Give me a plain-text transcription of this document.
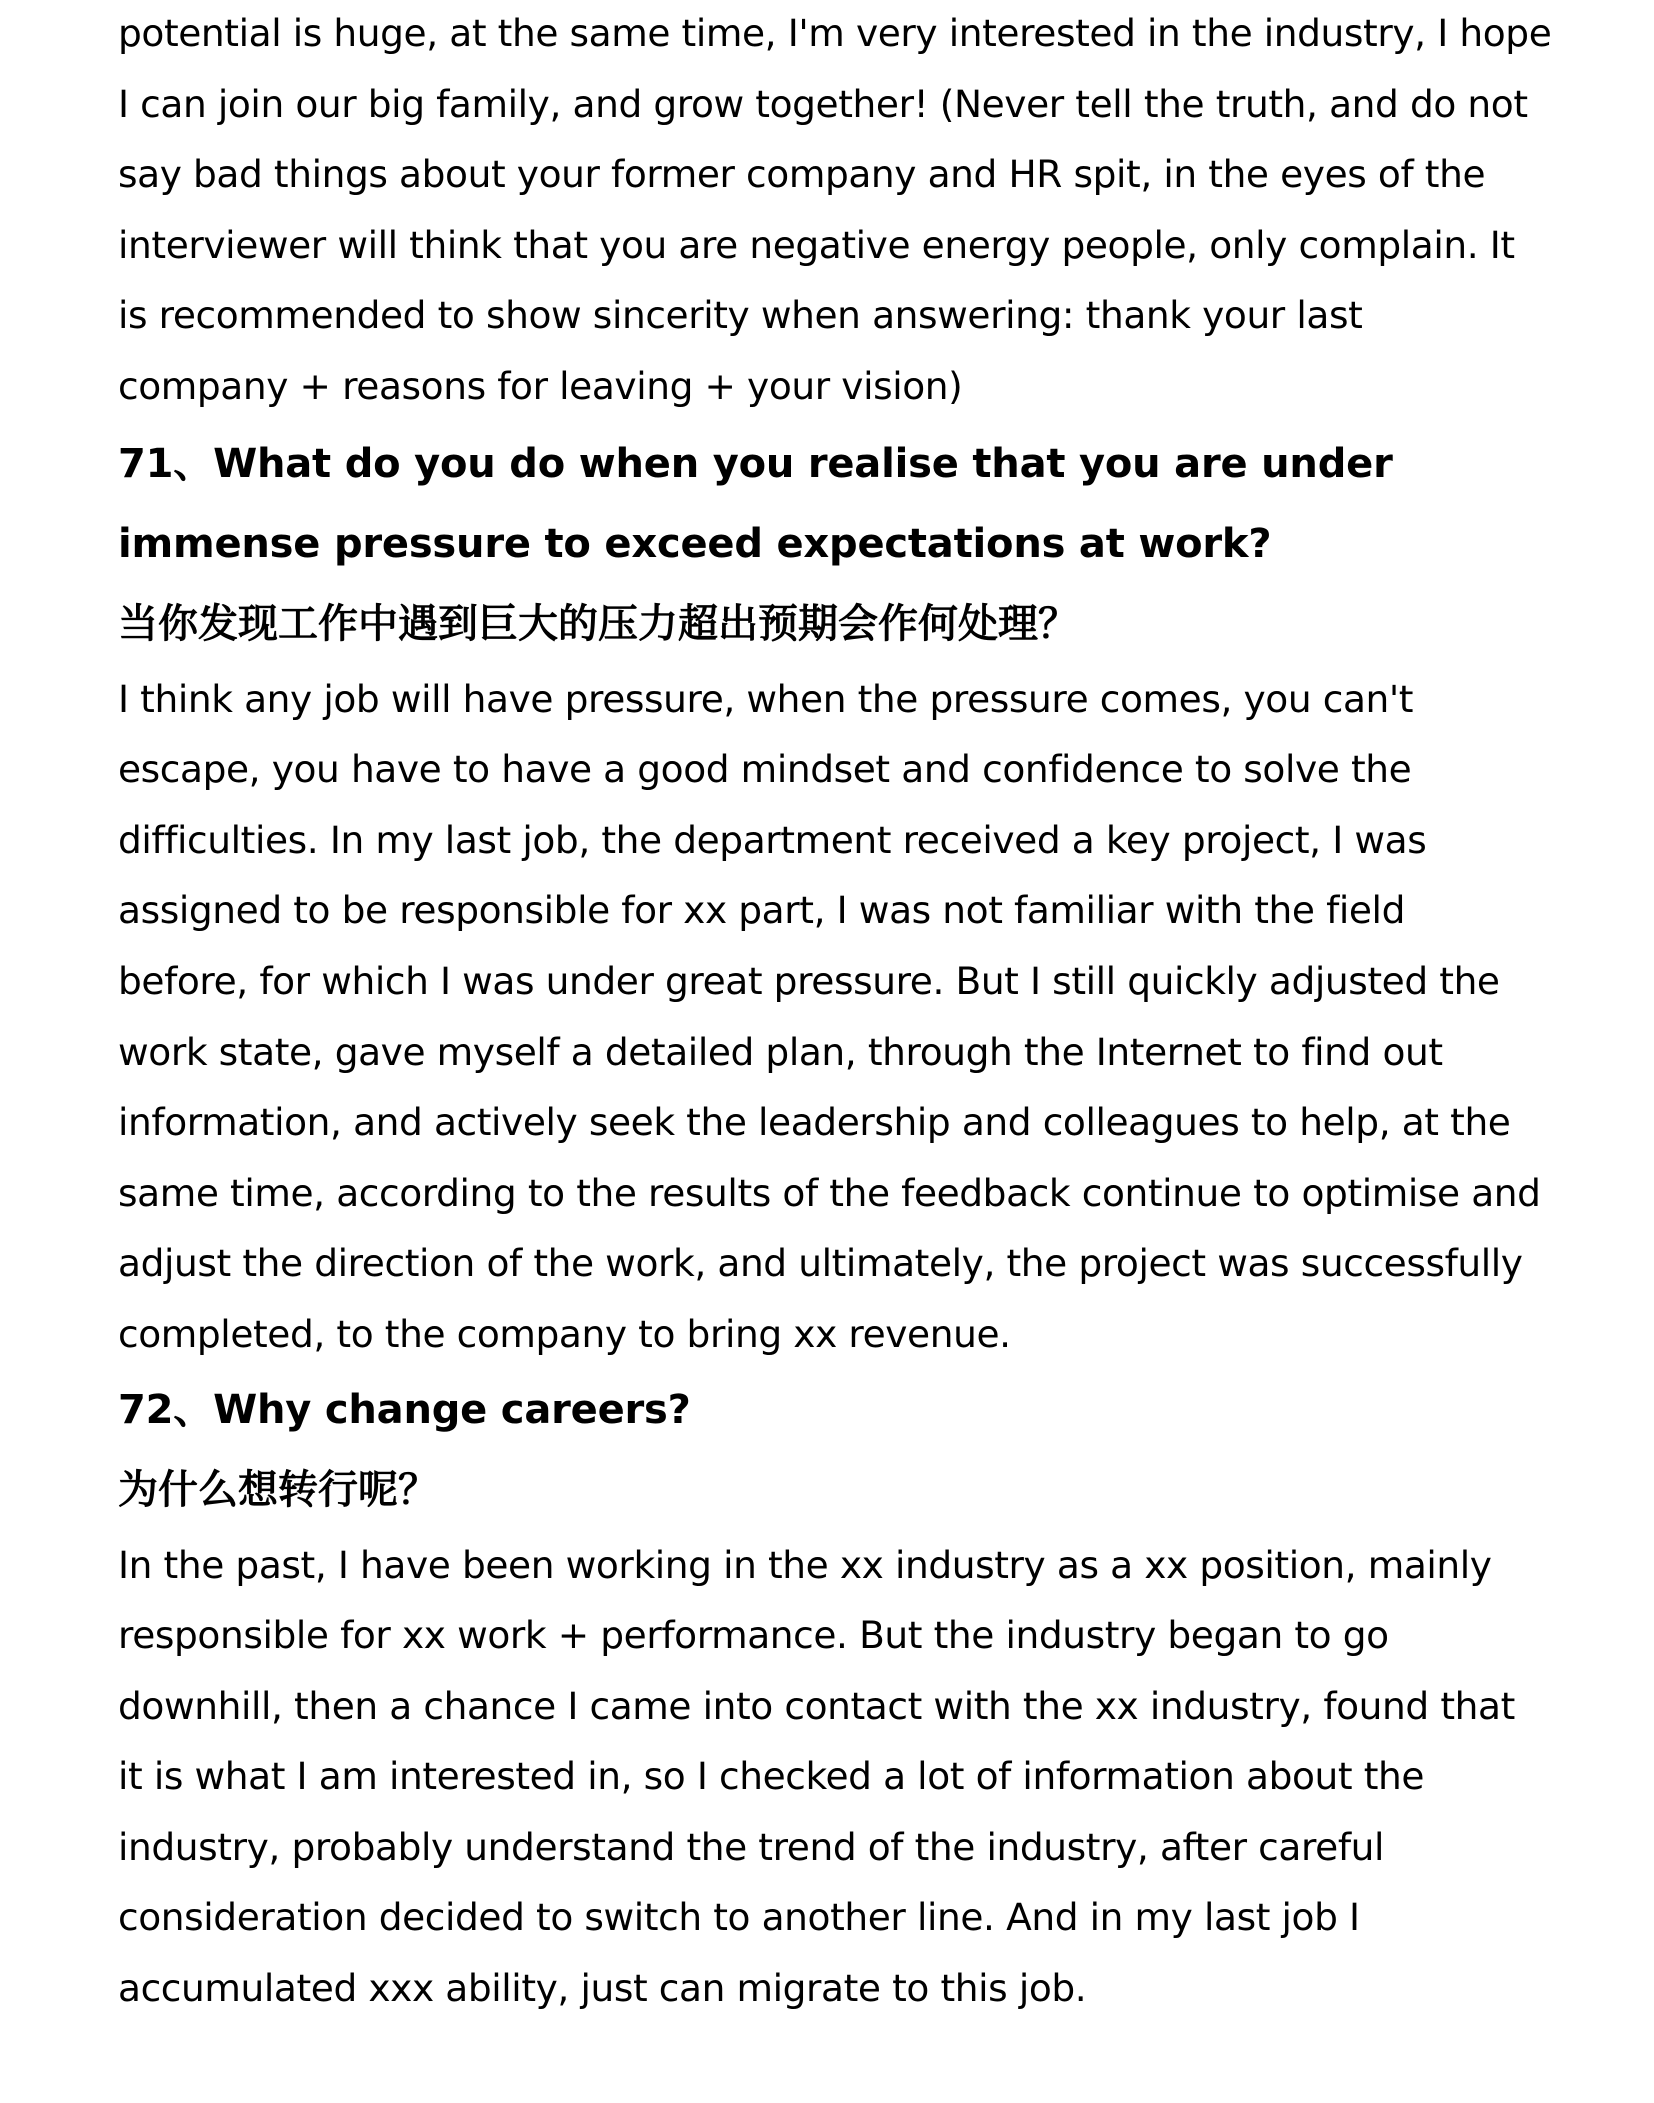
potential is huge, at the same time, I'm very interested in the industry, I hope
I can join our big family, and grow together! (Never tell the truth, and do not
say bad things about your former company and HR spit, in the eyes of the
interviewer will think that you are negative energy people, only complain. It
is recommended to show sincerity when answering: thank your last
company + reasons for leaving + your vision)

71、What do you do when you realise that you are under
immense pressure to exceed expectations at work?
当你发现工作中遇到巨大的压力超出预期会作何处理？

I think any job will have pressure, when the pressure comes, you can't
escape, you have to have a good mindset and confidence to solve the
difficulties. In my last job, the department received a key project, I was
assigned to be responsible for xx part, I was not familiar with the field
before, for which I was under great pressure. But I still quickly adjusted the
work state, gave myself a detailed plan, through the Internet to find out
information, and actively seek the leadership and colleagues to help, at the
same time, according to the results of the feedback continue to optimise and
adjust the direction of the work, and ultimately, the project was successfully
completed, to the company to bring xx revenue.

72、Why change careers?
为什么想转行呢？

In the past, I have been working in the xx industry as a xx position, mainly
responsible for xx work + performance. But the industry began to go
downhill, then a chance I came into contact with the xx industry, found that
it is what I am interested in, so I checked a lot of information about the
industry, probably understand the trend of the industry, after careful
consideration decided to switch to another line. And in my last job I
accumulated xxx ability, just can migrate to this job.
